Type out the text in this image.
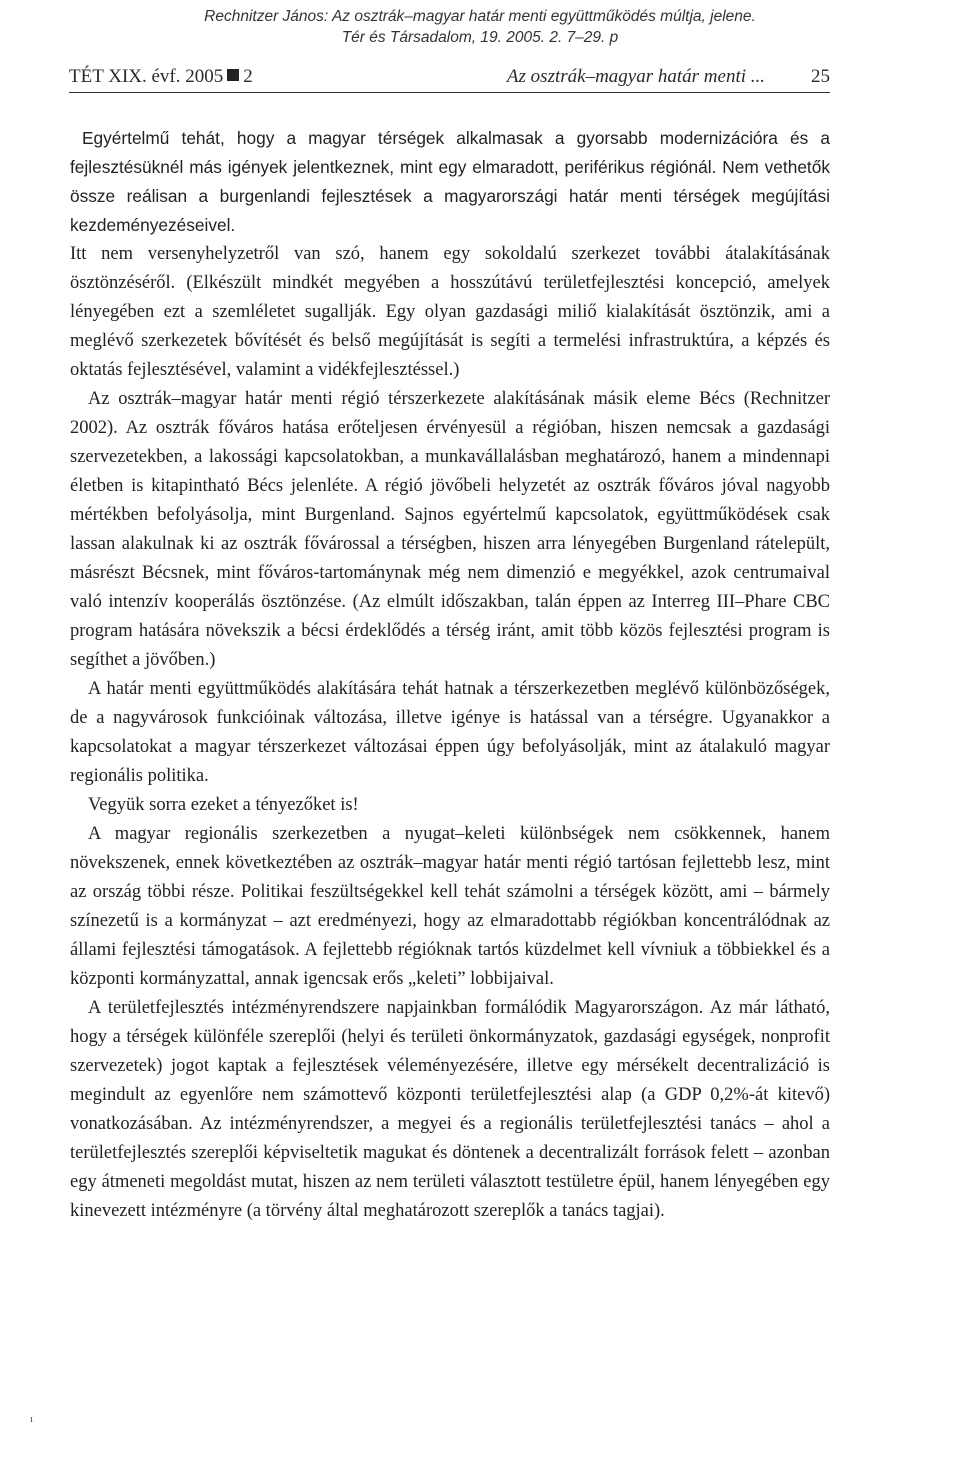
Rechnitzer János: Az osztrák–magyar határ menti együttműködés múltja, jelene.
Tér és Társadalom, 19. 2005. 2. 7–29. p
TÉT XIX. évf. 2005 2	Az osztrák–magyar határ menti ... 25

Egyértelmű tehát, hogy a magyar térségek alkalmasak a gyorsabb modernizációra és a fejlesztésüknél más igények jelentkeznek, mint egy elmaradott, periférikus régiónál. Nem vethetők össze reálisan a burgenlandi fejlesztések a magyarországi határ menti térségek megújítási kezdeményezéseivel.

Itt nem versenyhelyzetről van szó, hanem egy sokoldalú szerkezet további átalakításának ösztönzéséről. (Elkészült mindkét megyében a hosszútávú területfejlesztési koncepció, amelyek lényegében ezt a szemléletet sugallják. Egy olyan gazdasági miliő kialakítását ösztönzik, ami a meglévő szerkezetek bővítését és belső megújítását is segíti a termelési infrastruktúra, a képzés és oktatás fejlesztésével, valamint a vidékfejlesztéssel.)

Az osztrák–magyar határ menti régió térszerkezete alakításának másik eleme Bécs (Rechnitzer 2002). Az osztrák főváros hatása erőteljesen érvényesül a régióban, hiszen nemcsak a gazdasági szervezetekben, a lakossági kapcsolatokban, a munkavállalásban meghatározó, hanem a mindennapi életben is kitapintható Bécs jelenléte. A régió jövőbeli helyzetét az osztrák főváros jóval nagyobb mértékben befolyásolja, mint Burgenland. Sajnos egyértelmű kapcsolatok, együttműködések csak lassan alakulnak ki az osztrák fővárossal a térségben, hiszen arra lényegében Burgenland rátelepült, másrészt Bécsnek, mint főváros-tartománynak még nem dimenzió e megyékkel, azok centrumaival való intenzív kooperálás ösztönzése. (Az elmúlt időszakban, talán éppen az Interreg III–Phare CBC program hatására növekszik a bécsi érdeklődés a térség iránt, amit több közös fejlesztési program is segíthet a jövőben.)

A határ menti együttműködés alakítására tehát hatnak a térszerkezetben meglévő különbözőségek, de a nagyvárosok funkcióinak változása, illetve igénye is hatással van a térségre. Ugyanakkor a kapcsolatokat a magyar térszerkezet változásai éppen úgy befolyásolják, mint az átalakuló magyar regionális politika.

Vegyük sorra ezeket a tényezőket is!

A magyar regionális szerkezetben a nyugat–keleti különbségek nem csökkennek, hanem növekszenek, ennek következtében az osztrák–magyar határ menti régió tartósan fejlettebb lesz, mint az ország többi része. Politikai feszültségekkel kell tehát számolni a térségek között, ami – bármely színezetű is a kormányzat – azt eredményezi, hogy az elmaradottabb régiókban koncentrálódnak az állami fejlesztési támogatások. A fejlettebb régióknak tartós küzdelmet kell vívniuk a többiekkel és a központi kormányzattal, annak igencsak erős „keleti” lobbijaival.

A területfejlesztés intézményrendszere napjainkban formálódik Magyarországon. Az már látható, hogy a térségek különféle szereplői (helyi és területi önkormányzatok, gazdasági egységek, nonprofit szervezetek) jogot kaptak a fejlesztések véleményezésére, illetve egy mérsékelt decentralizáció is megindult az egyenlőre nem számottevő központi területfejlesztési alap (a GDP 0,2%-át kitevő) vonatkozásában. Az intézményrendszer, a megyei és a regionális területfejlesztési tanács – ahol a területfejlesztés szereplői képviseltetik magukat és döntenek a decentralizált források felett – azonban egy átmeneti megoldást mutat, hiszen az nem területi választott testületre épül, hanem lényegében egy kinevezett intézményre (a törvény által meghatározott szereplők a tanács tagjai).

ı
